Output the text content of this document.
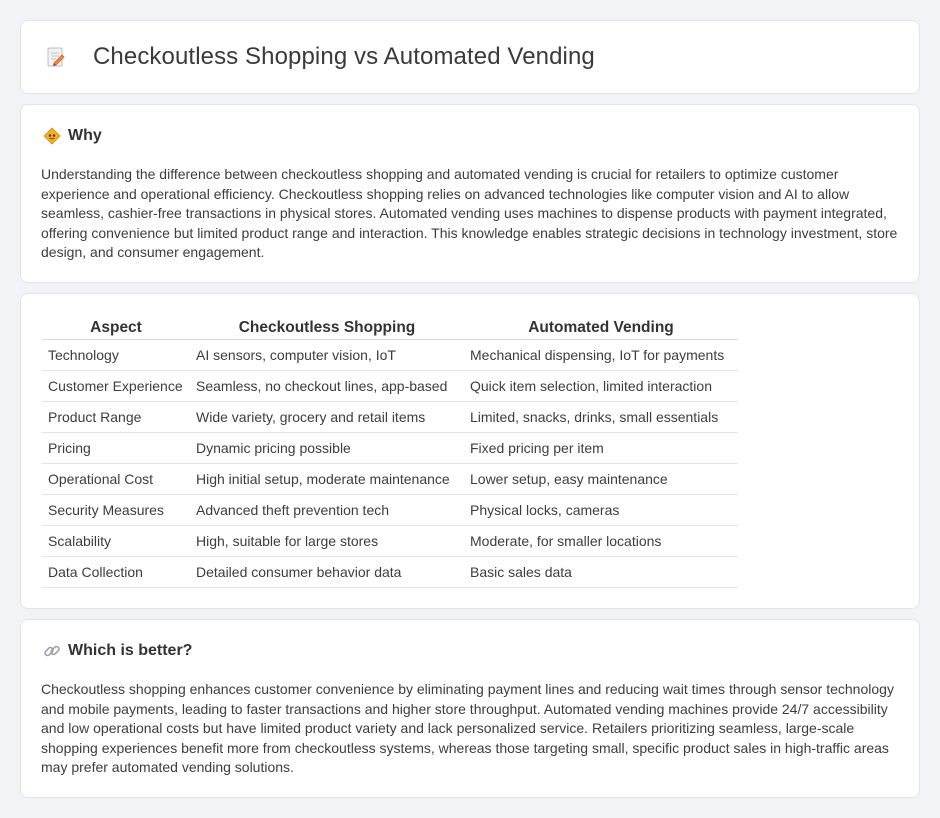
Checkoutless Shopping vs Automated Vending
Why

Understanding the difference between checkoutless shopping and automated vending is crucial for retailers to optimize customer experience and operational efficiency. Checkoutless shopping relies on advanced technologies like computer vision and AI to allow seamless, cashier-free transactions in physical stores. Automated vending uses machines to dispense products with payment integrated, offering convenience but limited product range and interaction. This knowledge enables strategic decisions in technology investment, store design, and consumer engagement.

Aspect	Checkoutless Shopping	Automated Vending
Technology	AI sensors, computer vision, IoT	Mechanical dispensing, IoT for payments
Customer Experience	Seamless, no checkout lines, app-based	Quick item selection, limited interaction
Product Range	Wide variety, grocery and retail items	Limited, snacks, drinks, small essentials
Pricing	Dynamic pricing possible	Fixed pricing per item
Operational Cost	High initial setup, moderate maintenance	Lower setup, easy maintenance
Security Measures	Advanced theft prevention tech	Physical locks, cameras
Scalability	High, suitable for large stores	Moderate, for smaller locations
Data Collection	Detailed consumer behavior data	Basic sales data
Which is better?

Checkoutless shopping enhances customer convenience by eliminating payment lines and reducing wait times through sensor technology and mobile payments, leading to faster transactions and higher store throughput. Automated vending machines provide 24/7 accessibility and low operational costs but have limited product variety and lack personalized service. Retailers prioritizing seamless, large-scale shopping experiences benefit more from checkoutless systems, whereas those targeting small, specific product sales in high-traffic areas may prefer automated vending solutions.
